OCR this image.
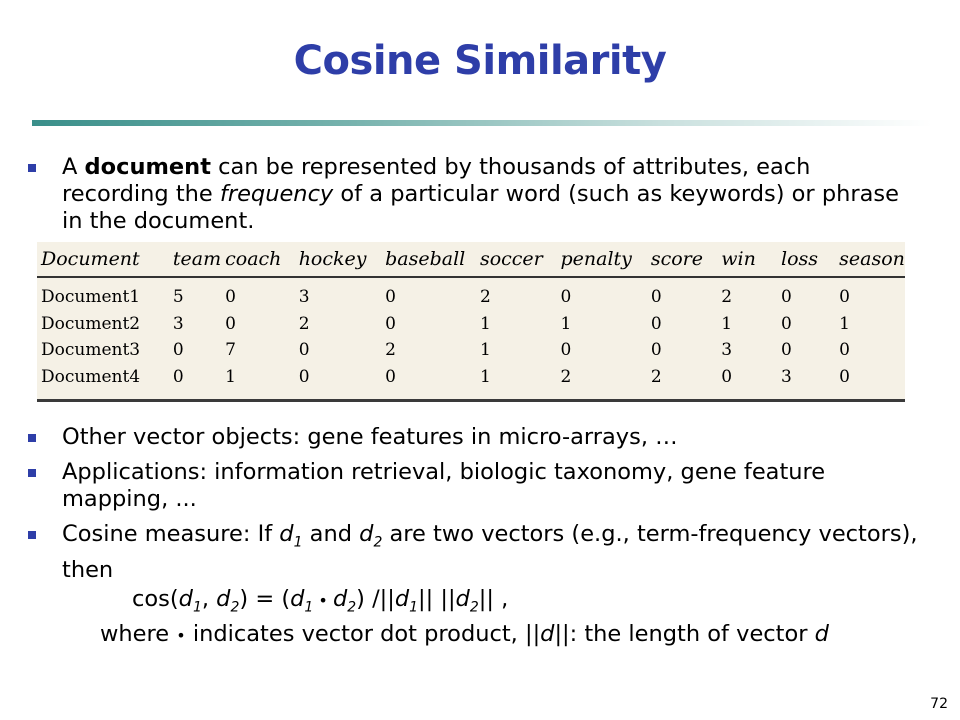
Cosine Similarity
A document can be represented by thousands of attributes, each recording the frequency of a particular word (such as keywords) or phrase in the document.
Document	team	coach	hockey	baseball	soccer	penalty	score	win	loss	season
Document1	5	0	3	0	2	0	0	2	0	0
Document2	3	0	2	0	1	1	0	1	0	1
Document3	0	7	0	2	1	0	0	3	0	0
Document4	0	1	0	0	1	2	2	0	3	0
Other vector objects: gene features in micro-arrays, …
Applications: information retrieval, biologic taxonomy, gene feature mapping, ...
Cosine measure: If $d_1$ and $d_2$ are two vectors (e.g., term-frequency vectors), then
$\cos(d_1$, $d_2) = (d_1$ • $d_2$) $/||d_1||$ $||d_2||$ ,
where • indicates vector dot product, ||d||: the length of vector d
72
